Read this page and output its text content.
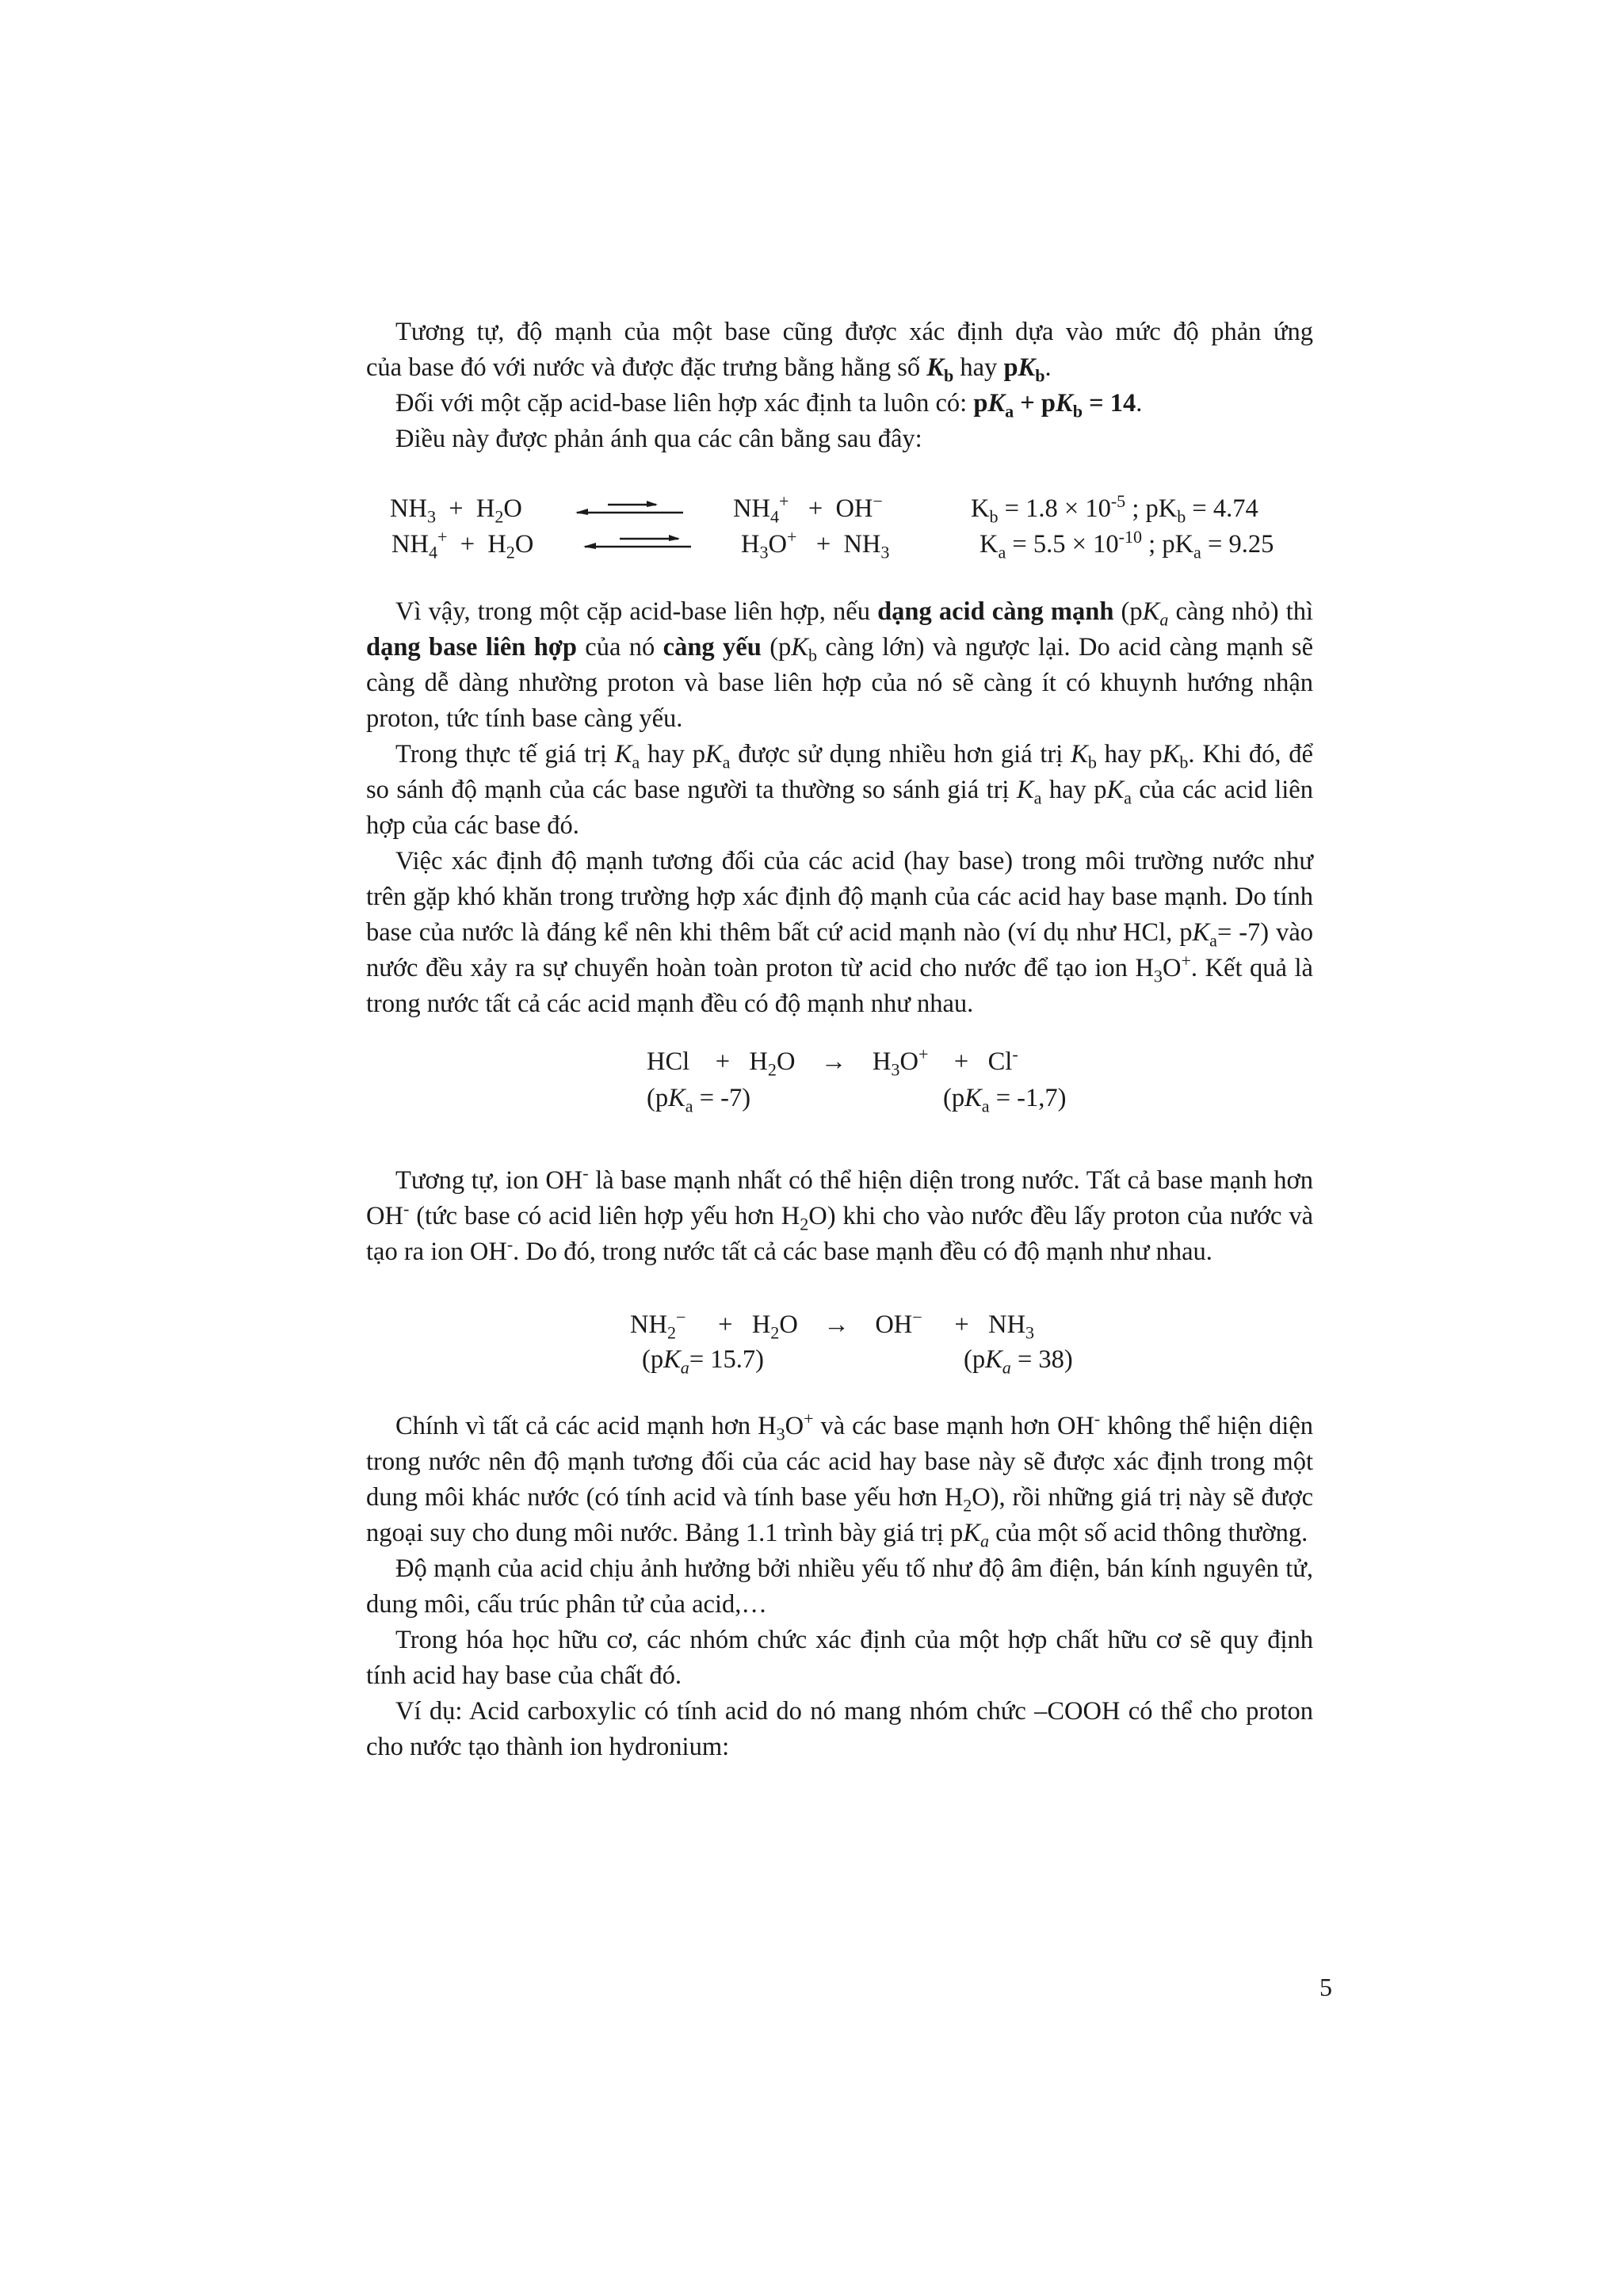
Tương tự, độ mạnh của một base cũng được xác định dựa vào mức độ phản ứng

của base đó với nước và được đặc trưng bằng hằng số $K_b$ hay $pK_b$.

Đối với một cặp acid-base liên hợp xác định ta luôn có: $pK_a + pK_b = 14$.

Điều này được phản ánh qua các cân bằng sau đây:

$NH_3 + H_2O$	$NH_4^+ + OH^-$	$K_b = 1.8 \times 10^{-5}$ ; $pK_b = 4.74$
$NH_4^+ + H_2O$	$H_3O^+ + NH_3$	$K_a = 5.5 \times 10^{-10}$ ; $pK_a = 9.25$

Vì vậy, trong một cặp acid-base liên hợp, nếu dạng acid càng mạnh ($pK_a$ càng nhỏ) thì dạng base liên hợp của nó càng yếu ($pK_b$ càng lớn) và ngược lại. Do acid càng mạnh sẽ càng dễ dàng nhường proton và base liên hợp của nó sẽ càng ít có khuynh hướng nhận proton, tức tính base càng yếu.

Trong thực tế giá trị $K_a$ hay $pK_a$ được sử dụng nhiều hơn giá trị $K_b$ hay $pK_b$. Khi đó, để so sánh độ mạnh của các base người ta thường so sánh giá trị $K_a$ hay $pK_a$ của các acid liên hợp của các base đó.

Việc xác định độ mạnh tương đối của các acid (hay base) trong môi trường nước như trên gặp khó khăn trong trường hợp xác định độ mạnh của các acid hay base mạnh. Do tính base của nước là đáng kể nên khi thêm bất cứ acid mạnh nào (ví dụ như HCl, $pK_a= -7$) vào nước đều xảy ra sự chuyển hoàn toàn proton từ acid cho nước để tạo ion $H_3O^+$. Kết quả là trong nước tất cả các acid mạnh đều có độ mạnh như nhau.

HCl + $H_2O \to H_3O^+ + Cl^-$
$(pK_a = -7)$	$(pK_a = -1,7)$

Tương tự, ion OH- là base mạnh nhất có thể hiện diện trong nước. Tất cả base mạnh hơn OH- (tức base có acid liên hợp yếu hơn $H_2O$) khi cho vào nước đều lấy proton của nước và tạo ra ion OH-. Do đó, trong nước tất cả các base mạnh đều có độ mạnh như nhau.

$NH_2^- + H_2O \to OH^- + NH_3$
$(pK_a= 15.7)$	$(pK_a = 38)$

Chính vì tất cả các acid mạnh hơn $H_3O^+$ và các base mạnh hơn OH- không thể hiện diện trong nước nên độ mạnh tương đối của các acid hay base này sẽ được xác định trong một dung môi khác nước (có tính acid và tính base yếu hơn $H_2O$), rồi những giá trị này sẽ được ngoại suy cho dung môi nước. Bảng 1.1 trình bày giá trị $pK_a$ của một số acid thông thường.

Độ mạnh của acid chịu ảnh hưởng bởi nhiều yếu tố như độ âm điện, bán kính nguyên tử, dung môi, cấu trúc phân tử của acid,…

Trong hóa học hữu cơ, các nhóm chức xác định của một hợp chất hữu cơ sẽ quy định tính acid hay base của chất đó.

Ví dụ: Acid carboxylic có tính acid do nó mang nhóm chức –COOH có thể cho proton cho nước tạo thành ion hydronium:

5
